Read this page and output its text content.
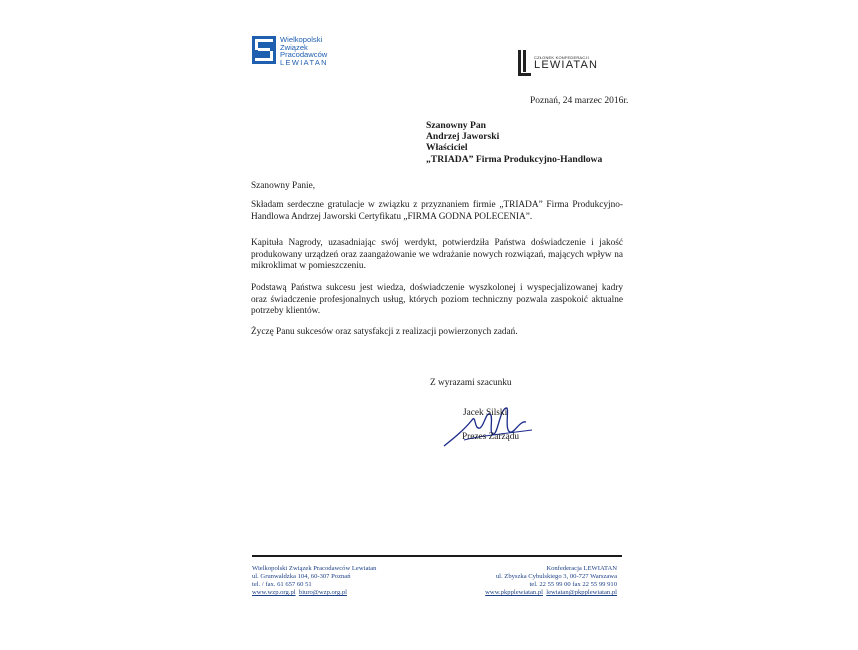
Wielkopolski
Związek
Pracodawców
LEWIATAN
CZŁONEK KONFEDERACJI
LEWIATAN
Poznań, 24 marzec 2016r.
Szanowny Pan
Andrzej Jaworski
Właściciel
„TRIADA” Firma Produkcyjno-Handlowa
Szanowny Panie,
Składam serdeczne gratulacje w związku z przyznaniem firmie „TRIADA” Firma Produkcyjno- Handlowa Andrzej Jaworski Certyfikatu „FIRMA GODNA POLECENIA”.
Kapituła Nagrody, uzasadniając swój werdykt, potwierdziła Państwa doświadczenie i jakość produkowany urządzeń oraz zaangażowanie we wdrażanie nowych rozwiązań, mających wpływ na mikroklimat w pomieszczeniu.
Podstawą Państwa sukcesu jest wiedza, doświadczenie wyszkolonej i wyspecjalizowanej kadry oraz świadczenie profesjonalnych usług, których poziom techniczny pozwala zaspokoić aktualne potrzeby klientów.
Życzę Panu sukcesów oraz satysfakcji z realizacji powierzonych zadań.
Z wyrazami szacunku
Jacek Silski
Prezes Zarządu
Wielkopolski Związek Pracodawców Lewiatan
ul. Grunwaldzka 104, 60-307 Poznań
tel. / fax. 61 657 60 51
www.wzp.org.pl biuro@wzp.org.pl
Konfederacja LEWIATAN
ul. Zbyszka Cybulskiego 3, 00-727 Warszawa
tel. 22 55 99 00 fax 22 55 99 910
www.pkpplewiatan.pl lewiatan@pkpplewiatan.pl
